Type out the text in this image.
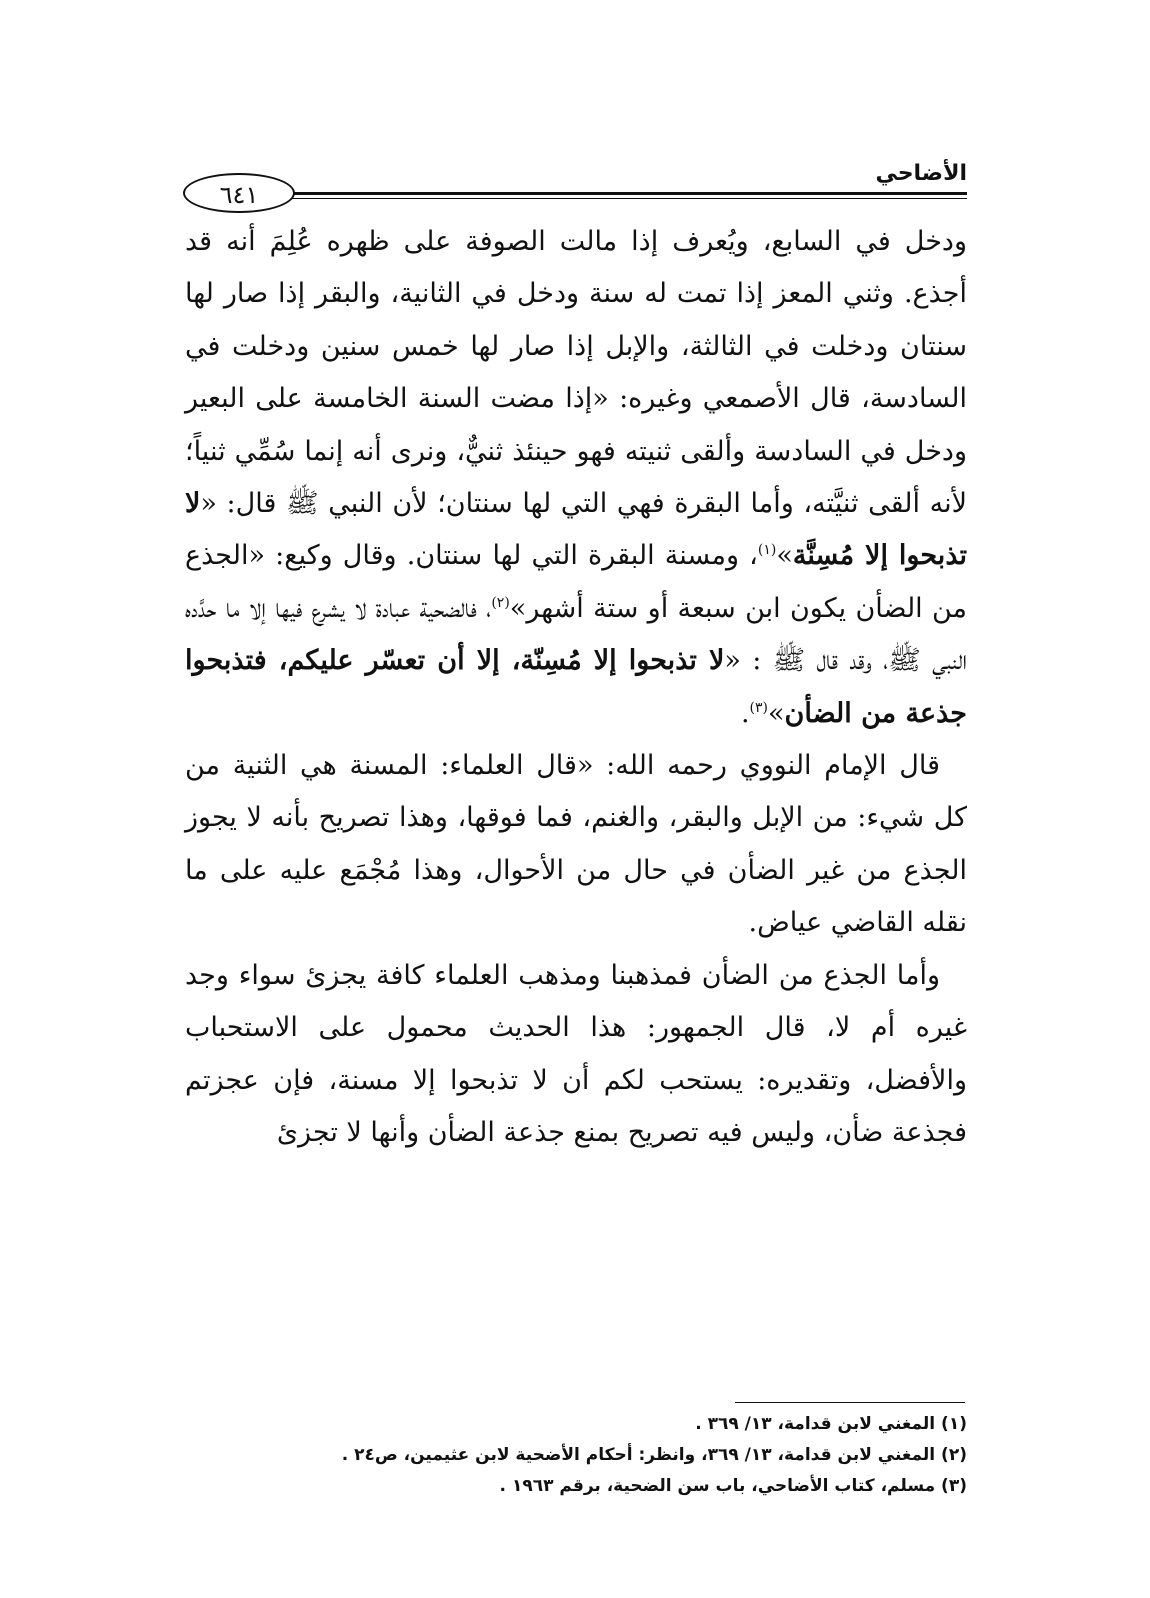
الأضاحي
٦٤١

ودخل في السابع، ويُعرف إذا مالت الصوفة على ظهره عُلِمَ أنه قد أجذع. وثني المعز إذا تمت له سنة ودخل في الثانية، والبقر إذا صار لها سنتان ودخلت في الثالثة، والإبل إذا صار لها خمس سنين ودخلت في السادسة، قال الأصمعي وغيره: «إذا مضت السنة الخامسة على البعير ودخل في السادسة وألقى ثنيته فهو حينئذ ثنيٌّ، ونرى أنه إنما سُمِّي ثنياً؛ لأنه ألقى ثنيَّته، وأما البقرة فهي التي لها سنتان؛ لأن النبي ﷺ قال: «لا تذبحوا إلا مُسِنَّة»$^{(١)}$، ومسنة البقرة التي لها سنتان. وقال وكيع: «الجذع من الضأن يكون ابن سبعة أو ستة أشهر»$^{(٢)}$، فالضحية عبادة لا يشرع فيها إلا ما حدَّده النبي ﷺ، وقد قال ﷺ : «لا تذبحوا إلا مُسِنّة، إلا أن تعسّر عليكم، فتذبحوا جذعة من الضأن»$^{(٣)}$.

قال الإمام النووي رحمه الله: «قال العلماء: المسنة هي الثنية من كل شيء: من الإبل والبقر، والغنم، فما فوقها، وهذا تصريح بأنه لا يجوز الجذع من غير الضأن في حال من الأحوال، وهذا مُجْمَع عليه على ما نقله القاضي عياض.

وأما الجذع من الضأن فمذهبنا ومذهب العلماء كافة يجزئ سواء وجد غيره أم لا، قال الجمهور: هذا الحديث محمول على الاستحباب والأفضل، وتقديره: يستحب لكم أن لا تذبحوا إلا مسنة، فإن عجزتم فجذعة ضأن، وليس فيه تصريح بمنع جذعة الضأن وأنها لا تجزئ

(١) المغني لابن قدامة، ١٣/ ٣٦٩ .
(٢) المغني لابن قدامة، ١٣/ ٣٦٩، وانظر: أحكام الأضحية لابن عثيمين، ص٢٤ .
(٣) مسلم، كتاب الأضاحي، باب سن الضحية، برقم ١٩٦٣ .
